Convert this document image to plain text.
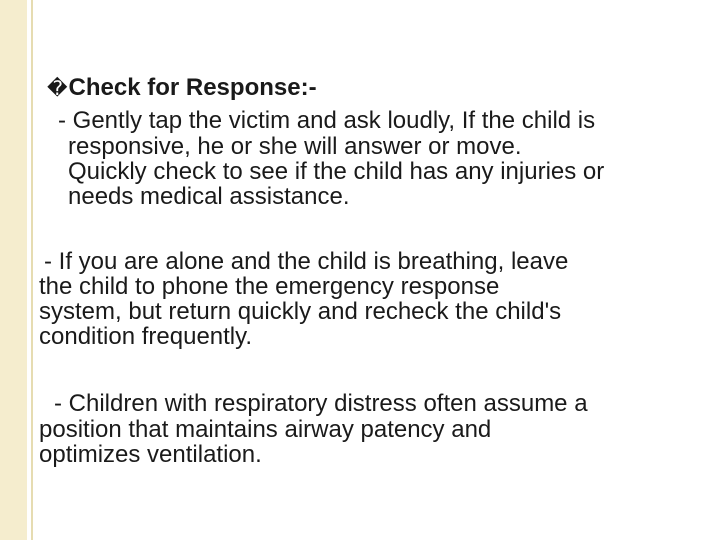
�Check for Response:-

- Gently tap the victim and ask loudly, If the child is

responsive, he or she will answer or move.

Quickly check to see if the child has any injuries or

needs medical assistance.

- If you are alone and the child is breathing, leave

the child to phone the emergency response

system, but return quickly and recheck the child's

condition frequently.

- Children with respiratory distress often assume a

position that maintains airway patency and

optimizes ventilation.
